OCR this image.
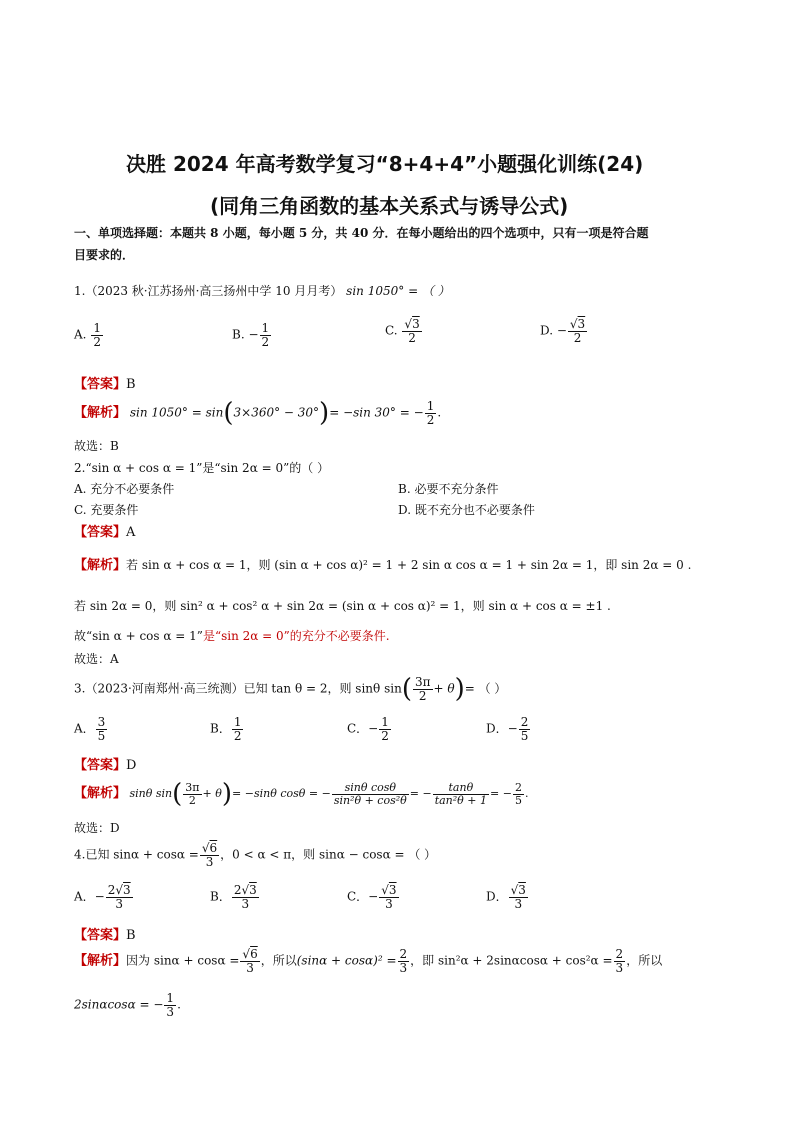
决胜 2024 年高考数学复习“8+4+4”小题强化训练(24)
(同角三角函数的基本关系式与诱导公式)
一、单项选择题：本题共 8 小题，每小题 5 分，共 40 分．在每小题给出的四个选项中，只有一项是符合题
目要求的．
1.（2023 秋·江苏扬州·高三扬州中学 10 月月考） sin 1050° = （ ）
A. $\frac{1}{2}$	B. − $\frac{1}{2}$	C. $\frac{√3}{2}$	D. − $\frac{√3}{2}$
【答案】B
【解析】 sin 1050° = sin(3×360° − 30°)= −sin 30° = − $\frac{1}{2}$ .
故选：B
2.“sin α + cos α = 1”是“sin 2α = 0”的（ ）
A. 充分不必要条件	B. 必要不充分条件
C. 充要条件	D. 既不充分也不必要条件
【答案】A
【解析】若 sin α + cos α = 1，则 (sin α + cos α)² = 1 + 2 sin α cos α = 1 + sin 2α = 1，即 sin 2α = 0 .
若 sin 2α = 0，则 sin² α + cos² α + sin 2α = (sin α + cos α)² = 1，则 sin α + cos α = ±1 .
故“sin α + cos α = 1”是“sin 2α = 0”的充分不必要条件.
故选：A
3.（2023·河南郑州·高三统测）已知 tan θ = 2，则 sinθ $\sin( \frac{3\pi}{2} + \theta)=$ （ ）
A． $\frac{3}{5}$	B． $\frac{1}{2}$	C．− $\frac{1}{2}$	D．− $\frac{2}{5}$
【答案】D
【解析】 sinθ $\sin( \frac{3\pi}{2} + \theta)= -\sin\theta$ cosθ = − $\frac{\text{sinθ cosθ}}{\text{sin²θ + cos²θ}}$ = − $\frac{\tan\theta}{\text{tan²θ + 1}}$ = − $\frac{2}{5}$ .
故选：D
4.已知 $\sin\alpha + \cos\alpha = \frac{√6}{3}$ ，0 < α < π，则 sinα − cosα = （ ）
A．− $\frac{2√3}{3}$	B． $\frac{2√3}{3}$	C．− $\frac{√3}{3}$	D． $\frac{√3}{3}$
【答案】B
【解析】因为 $\sin\alpha + \cos\alpha = \frac{√6}{3}$ ，所以$(\sin\alpha + \cos\alpha)^2 = \frac{2}{3}$ ，即 $\sin^2\alpha + 2\sin\alpha\cos\alpha + \cos^2\alpha = \frac{2}{3}$ ，所以
2sinαcosα = − $\frac{1}{3}$ .
